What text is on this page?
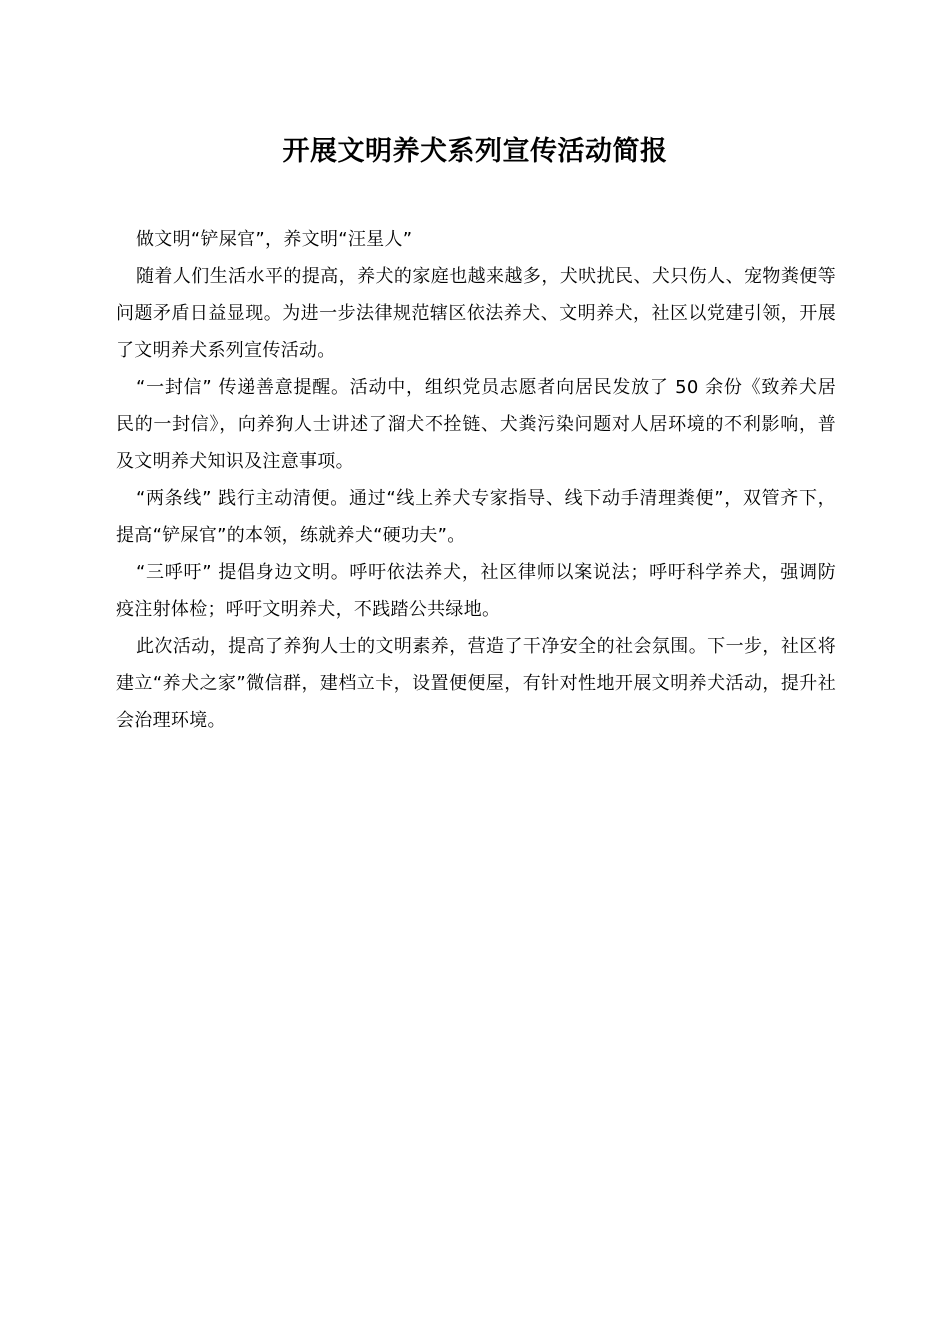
开展文明养犬系列宣传活动简报

做文明“铲屎官”，养文明“汪星人”

随着人们生活水平的提高，养犬的家庭也越来越多，犬吠扰民、犬只伤人、宠物粪便等问题矛盾日益显现。为进一步法律规范辖区依法养犬、文明养犬，社区以党建引领，开展了文明养犬系列宣传活动。

“一封信” 传递善意提醒。活动中，组织党员志愿者向居民发放了 50 余份《致养犬居民的一封信》，向养狗人士讲述了溜犬不拴链、犬粪污染问题对人居环境的不利影响，普及文明养犬知识及注意事项。

“两条线” 践行主动清便。通过“线上养犬专家指导、线下动手清理粪便”，双管齐下，提高“铲屎官”的本领，练就养犬“硬功夫”。

“三呼吁” 提倡身边文明。呼吁依法养犬，社区律师以案说法；呼吁科学养犬，强调防疫注射体检；呼吁文明养犬，不践踏公共绿地。

此次活动，提高了养狗人士的文明素养，营造了干净安全的社会氛围。下一步，社区将建立“养犬之家”微信群，建档立卡，设置便便屋，有针对性地开展文明养犬活动，提升社会治理环境。
